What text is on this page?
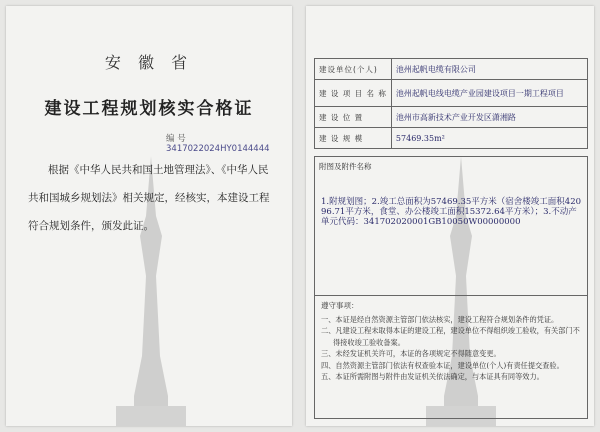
安 徽 省
建设工程规划核实合格证
编 号 3417022024HY0144444
根据《中华人民共和国土地管理法》、《中华人民共和国城乡规划法》相关规定，经核实，本建设工程符合规划条件，颁发此证。
建设单位(个人)	池州起帆电缆有限公司
建 设 项 目 名 称	池州起帆电线电缆产业园建设项目一期工程项目
建 设 位 置	池州市高新技术产业开发区潇湘路
建 设 规 模	57469.35m²
附图及附件名称
1.附规划图；2.竣工总面积为57469.35平方米（宿舍楼竣工面积42096.71平方米，食堂、办公楼竣工面积15372.64平方米）；3.不动产单元代码：341702020001GB10050W00000000
遵守事项：
一、本证是经自然资源主管部门依法核实，建设工程符合规划条件的凭证。
二、凡建设工程未取得本证的建设工程，建设单位不得组织竣工验收，有关部门不得接收竣工验收备案。
三、未经发证机关许可，本证的各项规定不得随意变更。
四、自然资源主管部门依法有权查验本证，建设单位(个人)有责任提交查验。
五、本证所需附图与附件由发证机关依法确定，与本证具有同等效力。
